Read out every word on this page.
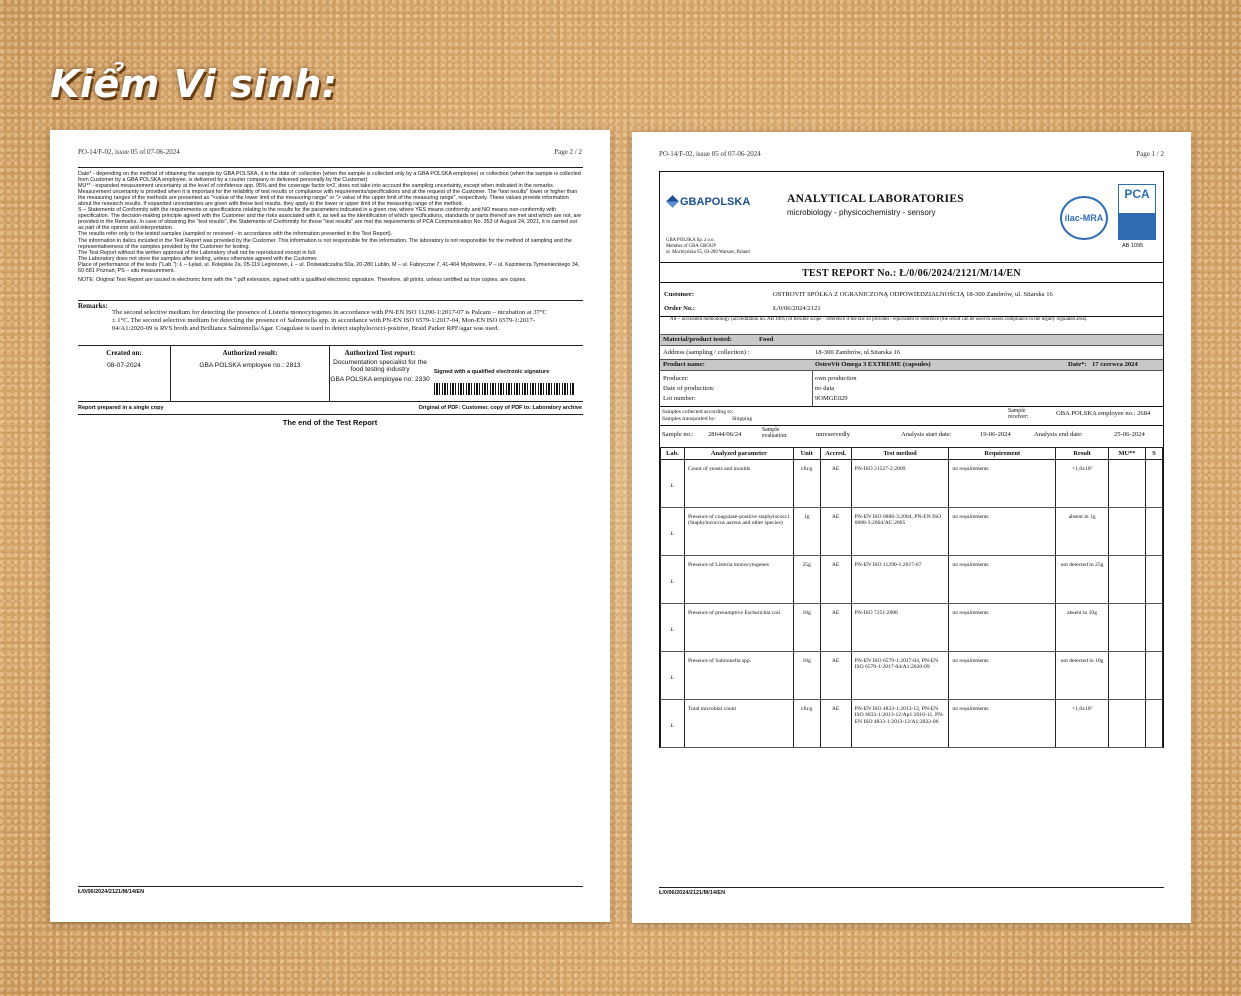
Kiểm Vi sinh:
PO-14/F-02, issue 05 of 07-06-2024	Page 2 / 2

Date* - depending on the method of obtaining the sample by GBA POLSKA, it is the date of: collection (when the sample is collected only by a GBA POLSKA employee) or collection (when the sample is collected from Customer by a GBA POLSKA employee, is delivered by a courier company or delivered personally by the Customer)

MU** - expanded measurement uncertainty at the level of confidence app. 95% and the coverage factor k=2, does not take into account the sampling uncertainty, except when indicated in the remarks. Measurement uncertainty is provided when it is important for the reliability of test results or compliance with requirements/specifications and at the request of the Customer. The "test results" lower or higher than the measuring ranges of the methods are presented as "<value of the lower limit of the measuring range" or "> value of the upper limit of the measuring range", respectively. These values provide information about the research results. If expanded uncertainties are given with these test results, they apply to the lower or upper limit of the measuring range of the method.

S – Statements of Conformity with the requirements or specifications relating to the results for the parameters indicated in a given row, where YES means conformity and NO means non-conformity with specification. The decision-making principle agreed with the Customer and the risks associated with it, as well as the identification of which specifications, standards or parts thereof are met and which are not, are provided in the Remarks. In case of obtaining the "test results", the Statements of Conformity for those "test results" are met the requirements of PCA Communication No. 353 of August 24, 2021, it is carried out as part of the opinion and interpretation.

The results refer only to the tested samples (sampled or received - in accordance with the information presented in the Test Report).

The information in italics included in the Test Report was provided by the Customer. This information is not responsible for this information. The laboratory is not responsible for the method of sampling and the representativeness of the samples provided by the Customer for testing.

The Test Report without the written approval of the Laboratory shall not be reproduced except in full.

The Laboratory does not store the samples after testing, unless otherwise agreed with the Customer.

Place of performance of the tests ("Lab."): Ł – Łęłaś, ul. Kolejskie 2a, 05-119 Legionowo, L – ul. Doświadczalna 50a, 20-280 Lublin, M – ul. Fabryczne 7, 41-404 Mysłowice, P – ul. Kazimierza Tymienieckiego 34, 60-581 Poznań, PS – situ measurement.

NOTE: Original Test Report are issued in electronic form with the *.pdf extension, signed with a qualified electronic signature. Therefore, all prints, unless certified as true copies, are copies.

Remarks:
The second selective medium for detecting the presence of Listeria monocytogenes in accordance with PN-EN ISO 11290-1:2017-07 is Palcam – incubation at 37°C ± 1°C. The second selective medium for detecting the presence of Salmonella spp. in accordance with PN-EN ISO 6579-1:2017-04, Mon-EN ISO 6579-1:2017-04/A1:2020-09 is RVS broth and Brilliance Salmonella/Agar. Coagulase is used to detect staphylococci-positive, Braid Parker RPF/agar was used.
Created on:
08-07-2024
Authorized result:
GBA POLSKA employee no.: 2813
Authorized Test report:
Documentation specialist for the food testing industry
GBA POLSKA employee no: 2330
Signed with a qualified electronic signature
Report prepared in a single copy	Original of PDF: Customer, copy of PDF to: Laboratory archive
The end of the Test Report
Ł/0/06/2024/2121/M/14/EN
PO-14/F-02, issue 05 of 07-06-2024	Page 1 / 2
GBAPOLSKA	ANALYTICAL LABORATORIES
microbiology - physicochemistry - sensory
GBA POLSKA Sp. z o.o.
Member of GBA GROUP
ul. Mochtyńska 65, 03-289 Warsaw, Poland
ilac-MRA
PCA
AB 1095
TEST REPORT No.: Ł/0/06/2024/2121/M/14/EN
Customer:	OSTROVIT SPÓŁKA Z OGRANICZONĄ ODPOWIEDZIALNOŚCIĄ 18-300 Zambrów, ul. Sitarska 16
Order No.:	Ł/0/06/2024/2121
All ~ accredited methodology (accreditation no. AB 1095) of flexible scope – reference if the law so provides / equivalent to reference (the result can be used to assess compliance in the legally regulated area).
Material/product tested:	Food
Address (sampling / collection) :	18-300 Zambrów, ul.Sitarska 16
Product name:	OstroVit Omega 3 EXTREME (capsules)	Date*: 17 czerwca 2024
Producer:	own production
Date of production:	no data
Lot number:	9OMGE029
Samples collected according to:
Samples transported by:	Shipping
Sample receiver:
GBA POLSKA employee no.: 2684
Sample no.: 28644/06/24
Sample evaluation:	unreservedly	Analysis start date:	19-06-2024	Analysis end date:	25-06-2024
Lab.	Analyzed parameter	Unit	Accred.	Test method	Requirement	Result	MU**	S
Ł	Count of yeasts and moulds	cfu/g	AE	PN-ISO 21527-2:2009	no requirements	<1,0x10¹		
Ł	Presence of coagulase-positive staphylococci (Staphylococcus aureus and other species)	1g	AE	PN-EN ISO 6888-3:2004, PN-EN ISO 6888-3:2004/AC:2005	no requirements	absent in 1g		
Ł	Presence of Listeria monocytogenes	25g	AE	PN-EN ISO 11290-1:2017-07	no requirements	not detected in 25g		
Ł	Presence of presumptive Escherichia coli	10g	AE	PN-ISO 7251:2006	no requirements	absent in 10g		
Ł	Presence of Salmonella spp.	10g	AE	PN-EN ISO 6579-1:2017-04, PN-EN ISO 6579-1:2017-04/A1:2020-09	no requirements	not detected in 10g		
Ł	Total microbial count	cfu/g	AE	PN-EN ISO 4833-1:2013-12, PN-EN ISO 4833-1:2013-12/Ap1:2016-11, PN-EN ISO 4833-1:2013-12/A1:2022-06	no requirements	<1,0x10¹		
Ł/0/06/2024/2121/M/14/EN
